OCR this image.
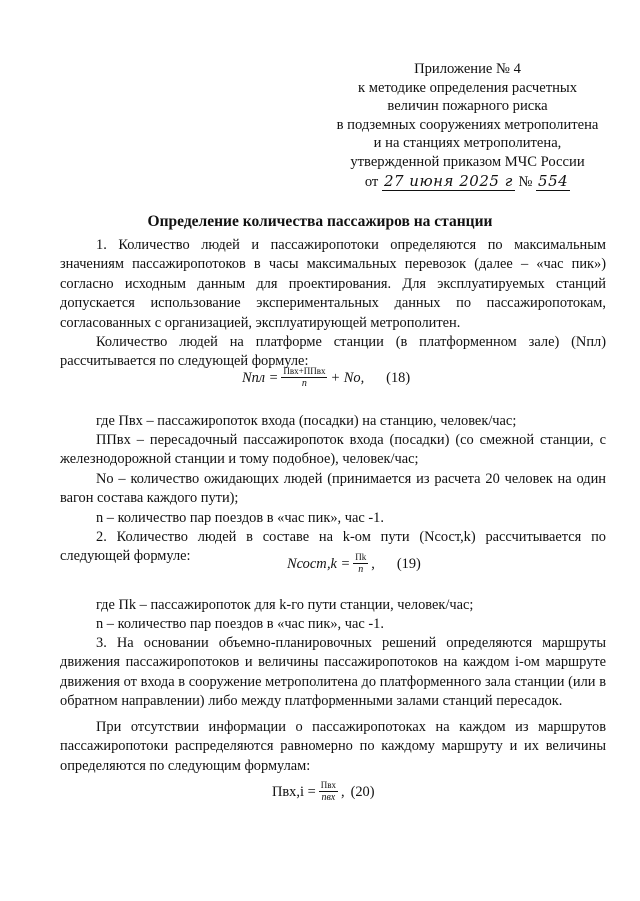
Приложение № 4
к методике определения расчетных
величин пожарного риска
в подземных сооружениях метрополитена
и на станциях метрополитена,
утвержденной приказом МЧС России
от 27 июня 2025 г № 554
Определение количества пассажиров на станции
1. Количество людей и пассажиропотоки определяются по максимальным значениям пассажиропотоков в часы максимальных перевозок (далее – «час пик») согласно исходным данным для проектирования. Для эксплуатируемых станций допускается использование экспериментальных данных по пассажиропотокам, согласованных с организацией, эксплуатирующей метрополитен.
Количество людей на платформе станции (в платформенном зале) (Nпл) рассчитывается по следующей формуле:
Nпл = $\frac{\text{Пвх+ППвх}}{n}$ + Nо, (18)
где Пвх – пассажиропоток входа (посадки) на станцию, человек/час;
ППвх – пересадочный пассажиропоток входа (посадки) (со смежной станции, с железнодорожной станции и тому подобное), человек/час;
Nо – количество ожидающих людей (принимается из расчета 20 человек на один вагон состава каждого пути);
n – количество пар поездов в «час пик», час -1.
2. Количество людей в составе на k-ом пути (Nсост,k) рассчитывается по следующей формуле:	Nсост,k = $\frac{Пk}{n}$ , (19)
где Пk – пассажиропоток для k-го пути станции, человек/час;
n – количество пар поездов в «час пик», час -1.
3. На основании объемно-планировочных решений определяются маршруты движения пассажиропотоков и величины пассажиропотоков на каждом i-ом маршруте движения от входа в сооружение метрополитена до платформенного зала станции (или в обратном направлении) либо между платформенными залами станций пересадок.
При отсутствии информации о пассажиропотоках на каждом из маршрутов пассажиропотоки распределяются равномерно по каждому маршруту и их величины определяются по следующим формулам:
$Пвх,i = \frac{\text{Пвх}}{\text{nвх}}$ , (20)
